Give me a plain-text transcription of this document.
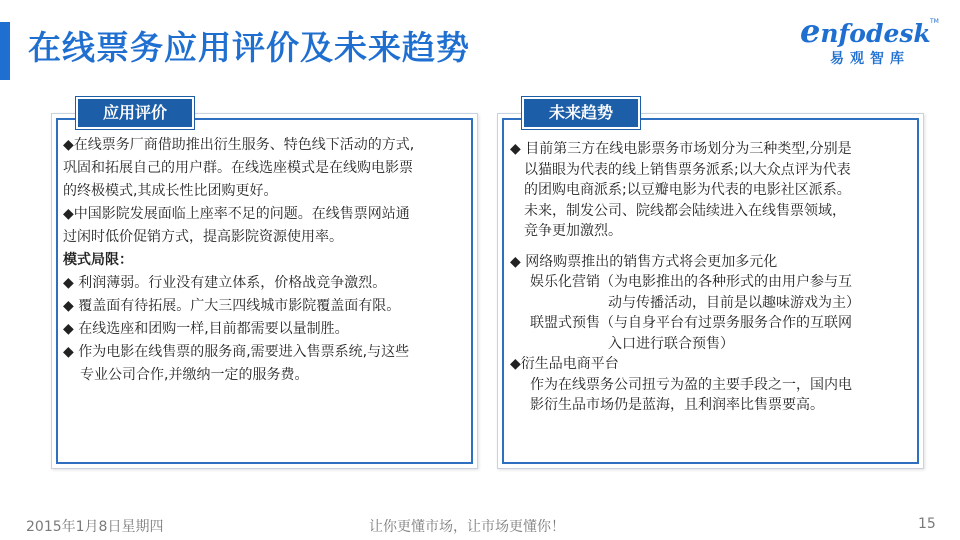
在线票务应用评价及未来趋势	enfodesk TM
易观智库
应用评价
◆在线票务厂商借助推出衍生服务、特色线下活动的方式,
巩固和拓展自己的用户群。在线选座模式是在线购电影票
的终极模式,其成长性比团购更好。
◆中国影院发展面临上座率不足的问题。在线售票网站通
过闲时低价促销方式，提高影院资源使用率。
模式局限：
◆ 利润薄弱。行业没有建立体系，价格战竞争激烈。
◆ 覆盖面有待拓展。广大三四线城市影院覆盖面有限。
◆ 在线选座和团购一样,目前都需要以量制胜。
◆ 作为电影在线售票的服务商,需要进入售票系统,与这些
专业公司合作,并缴纳一定的服务费。
未来趋势
◆ 目前第三方在线电影票务市场划分为三种类型,分别是
以猫眼为代表的线上销售票务派系;以大众点评为代表
的团购电商派系;以豆瓣电影为代表的电影社区派系。
未来，制发公司、院线都会陆续进入在线售票领域，
竞争更加激烈。
◆ 网络购票推出的销售方式将会更加多元化
娱乐化营销（为电影推出的各种形式的由用户参与互
动与传播活动，目前是以趣味游戏为主）
联盟式预售（与自身平台有过票务服务合作的互联网
入口进行联合预售）
◆衍生品电商平台
作为在线票务公司扭亏为盈的主要手段之一，国内电
影衍生品市场仍是蓝海，且利润率比售票要高。
2015年1月8日星期四	让你更懂市场，让市场更懂你！	15
